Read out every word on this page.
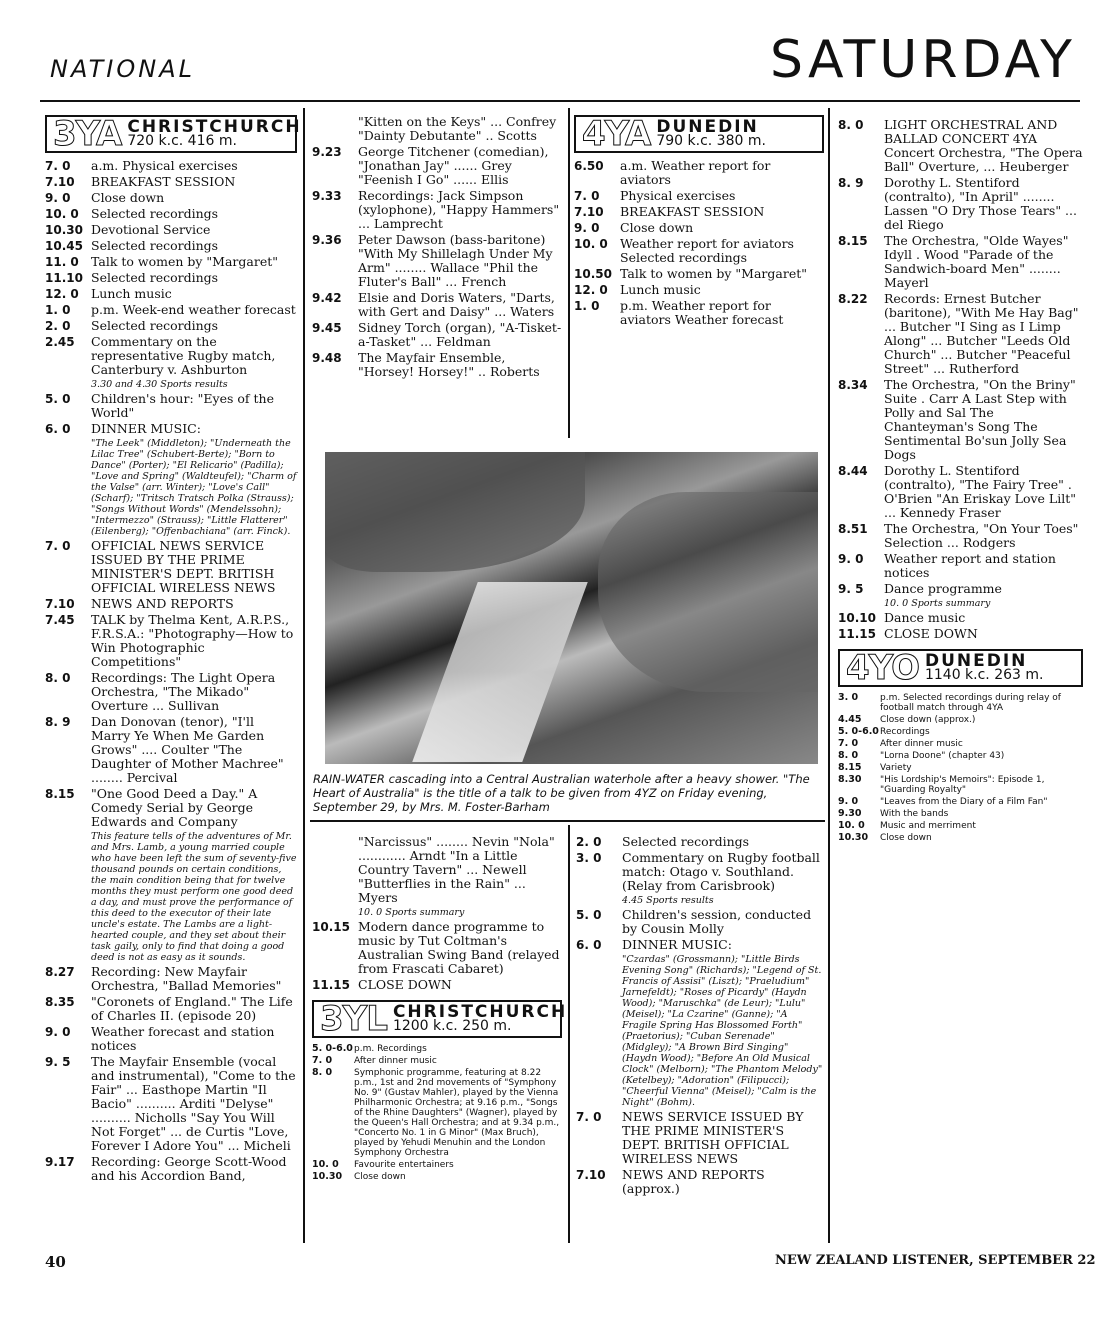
NATIONAL	SATURDAY
3YA CHRISTCHURCH
720 k.c. 416 m.
7. 0	a.m. Physical exercises
7.10	BREAKFAST SESSION
9. 0	Close down
10. 0 Selected recordings
10.30 Devotional Service
10.45 Selected recordings
11. 0 Talk to women by "Margaret"
11.10 Selected recordings
12. 0 Lunch music
1. 0	p.m. Week-end weather forecast
2. 0	Selected recordings
2.45	Commentary on the representative Rugby match, Canterbury v. Ashburton
3.30 and 4.30 Sports results
5. 0	Children's hour: "Eyes of the World"
6. 0	DINNER MUSIC:
"The Leek" (Middleton); "Underneath the Lilac Tree" (Schubert-Berte); "Born to Dance" (Porter); "El Relicario" (Padilla); "Love and Spring" (Waldteufel); "Charm of the Valse" (arr. Winter); "Love's Call" (Scharf); "Tritsch Tratsch Polka (Strauss); "Songs Without Words" (Mendelssohn); "Intermezzo" (Strauss); "Little Flatterer" (Eilenberg); "Offenbachiana" (arr. Finck).
7. 0	OFFICIAL NEWS SERVICE ISSUED BY THE PRIME MINISTER'S DEPT. BRITISH OFFICIAL WIRELESS NEWS
7.10	NEWS AND REPORTS
7.45	TALK by Thelma Kent, A.R.P.S., F.R.S.A.: "Photography—How to Win Photographic Competitions"
8. 0	Recordings: The Light Opera Orchestra, "The Mikado" Overture ... Sullivan
8. 9	Dan Donovan (tenor), "I'll Marry Ye When Me Garden Grows" .... Coulter "The Daughter of Mother Machree" ........ Percival
8.15	"One Good Deed a Day." A Comedy Serial by George Edwards and Company
This feature tells of the adventures of Mr. and Mrs. Lamb, a young married couple who have been left the sum of seventy-five thousand pounds on certain conditions, the main condition being that for twelve months they must perform one good deed a day, and must prove the performance of this deed to the executor of their late uncle's estate. The Lambs are a light-hearted couple, and they set about their task gaily, only to find that doing a good deed is not as easy as it sounds.
8.27	Recording: New Mayfair Orchestra, "Ballad Memories"
8.35	"Coronets of England." The Life of Charles II. (episode 20)
9. 0	Weather forecast and station notices
9. 5	The Mayfair Ensemble (vocal and instrumental), "Come to the Fair" ... Easthope Martin "Il Bacio" .......... Arditi "Delyse" .......... Nicholls "Say You Will Not Forget" ... de Curtis "Love, Forever I Adore You" ... Micheli
9.17	Recording: George Scott-Wood and his Accordion Band,
"Kitten on the Keys" ... Confrey "Dainty Debutante" .. Scotts
9.23	George Titchener (comedian), "Jonathan Jay" ...... Grey "Feenish I Go" ...... Ellis
9.33	Recordings: Jack Simpson (xylophone), "Happy Hammers" ... Lamprecht
9.36	Peter Dawson (bass-baritone) "With My Shillelagh Under My Arm" ........ Wallace "Phil the Fluter's Ball" ... French
9.42	Elsie and Doris Waters, "Darts, with Gert and Daisy" ... Waters
9.45	Sidney Torch (organ), "A-Tisket-a-Tasket" ... Feldman
9.48	The Mayfair Ensemble, "Horsey! Horsey!" .. Roberts
4YA DUNEDIN
790 k.c. 380 m.
6.50	a.m. Weather report for aviators
7. 0	Physical exercises
7.10	BREAKFAST SESSION
9. 0	Close down
10. 0 Weather report for aviators Selected recordings
10.50 Talk to women by "Margaret"
12. 0 Lunch music
1. 0	p.m. Weather report for aviators Weather forecast
RAIN-WATER cascading into a Central Australian waterhole after a heavy shower. "The Heart of Australia" is the title of a talk to be given from 4YZ on Friday evening, September 29, by Mrs. M. Foster-Barham
"Narcissus" ........ Nevin "Nola" ............ Arndt "In a Little Country Tavern" ... Newell "Butterflies in the Rain" ... Myers
10. 0 Sports summary
10.15 Modern dance programme to music by Tut Coltman's Australian Swing Band (relayed from Frascati Cabaret)
11.15 CLOSE DOWN
3YL CHRISTCHURCH
1200 k.c. 250 m.
5. 0-6.0 p.m. Recordings
7. 0	After dinner music
8. 0	Symphonic programme, featuring at 8.22 p.m., 1st and 2nd movements of "Symphony No. 9" (Gustav Mahler), played by the Vienna Philharmonic Orchestra; at 9.16 p.m., "Songs of the Rhine Daughters" (Wagner), played by the Queen's Hall Orchestra; and at 9.34 p.m., "Concerto No. 1 in G Minor" (Max Bruch), played by Yehudi Menuhin and the London Symphony Orchestra
10. 0	Favourite entertainers
10.30	Close down
2. 0	Selected recordings
3. 0	Commentary on Rugby football match: Otago v. Southland. (Relay from Carisbrook)
4.45 Sports results
5. 0	Children's session, conducted by Cousin Molly
6. 0	DINNER MUSIC:
"Czardas" (Grossmann); "Little Birds Evening Song" (Richards); "Legend of St. Francis of Assisi" (Liszt); "Praeludium" Jarnefeldt); "Roses of Picardy" (Haydn Wood); "Maruschka" (de Leur); "Lulu" (Meisel); "La Czarine" (Ganne); "A Fragile Spring Has Blossomed Forth" (Praetorius); "Cuban Serenade" (Midgley); "A Brown Bird Singing" (Haydn Wood); "Before An Old Musical Clock" (Melborn); "The Phantom Melody" (Ketelbey); "Adoration" (Filipucci); "Cheerful Vienna" (Meisel); "Calm is the Night" (Bohm).
7. 0	NEWS SERVICE ISSUED BY THE PRIME MINISTER'S DEPT. BRITISH OFFICIAL WIRELESS NEWS
7.10	NEWS AND REPORTS (approx.)
8. 0	LIGHT ORCHESTRAL AND BALLAD CONCERT 4YA Concert Orchestra, "The Opera Ball" Overture, ... Heuberger
8. 9	Dorothy L. Stentiford (contralto), "In April" ........ Lassen "O Dry Those Tears" ... del Riego
8.15	The Orchestra, "Olde Wayes" Idyll . Wood "Parade of the Sandwich-board Men" ........ Mayerl
8.22	Records: Ernest Butcher (baritone), "With Me Hay Bag" ... Butcher "I Sing as I Limp Along" ... Butcher "Leeds Old Church" ... Butcher "Peaceful Street" ... Rutherford
8.34	The Orchestra, "On the Briny" Suite . Carr A Last Step with Polly and Sal The Chanteyman's Song The Sentimental Bo'sun Jolly Sea Dogs
8.44	Dorothy L. Stentiford (contralto), "The Fairy Tree" . O'Brien "An Eriskay Love Lilt" ... Kennedy Fraser
8.51	The Orchestra, "On Your Toes" Selection ... Rodgers
9. 0	Weather report and station notices
9. 5	Dance programme
10. 0 Sports summary
10.10 Dance music
11.15 CLOSE DOWN
4YO DUNEDIN
1140 k.c. 263 m.
3. 0	p.m. Selected recordings during relay of football match through 4YA
4.45	Close down (approx.)
5. 0-6.0 Recordings
7. 0	After dinner music
8. 0	"Lorna Doone" (chapter 43)
8.15	Variety
8.30	"His Lordship's Memoirs": Episode 1, "Guarding Royalty"
9. 0	"Leaves from the Diary of a Film Fan"
9.30	With the bands
10. 0	Music and merriment
10.30	Close down
40	NEW ZEALAND LISTENER, SEPTEMBER 22
